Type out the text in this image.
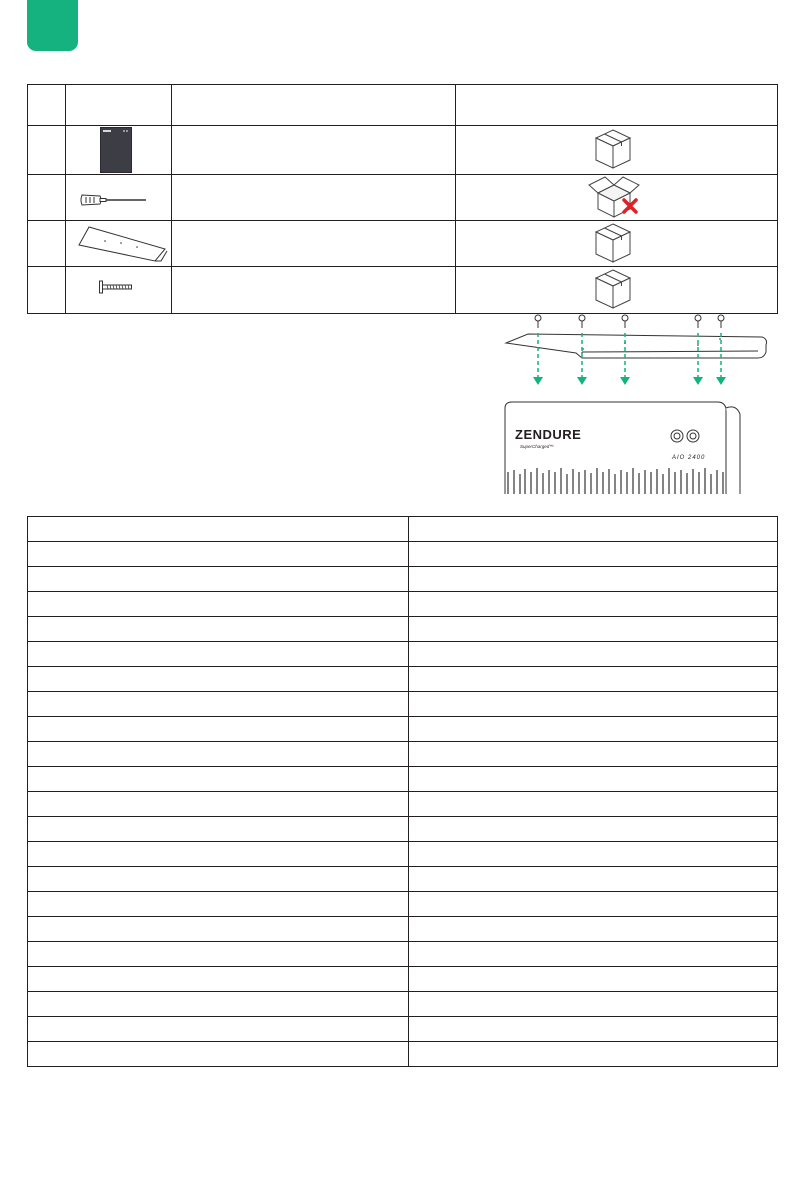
ZENDURE
SuperCharged™
AIO 2400
